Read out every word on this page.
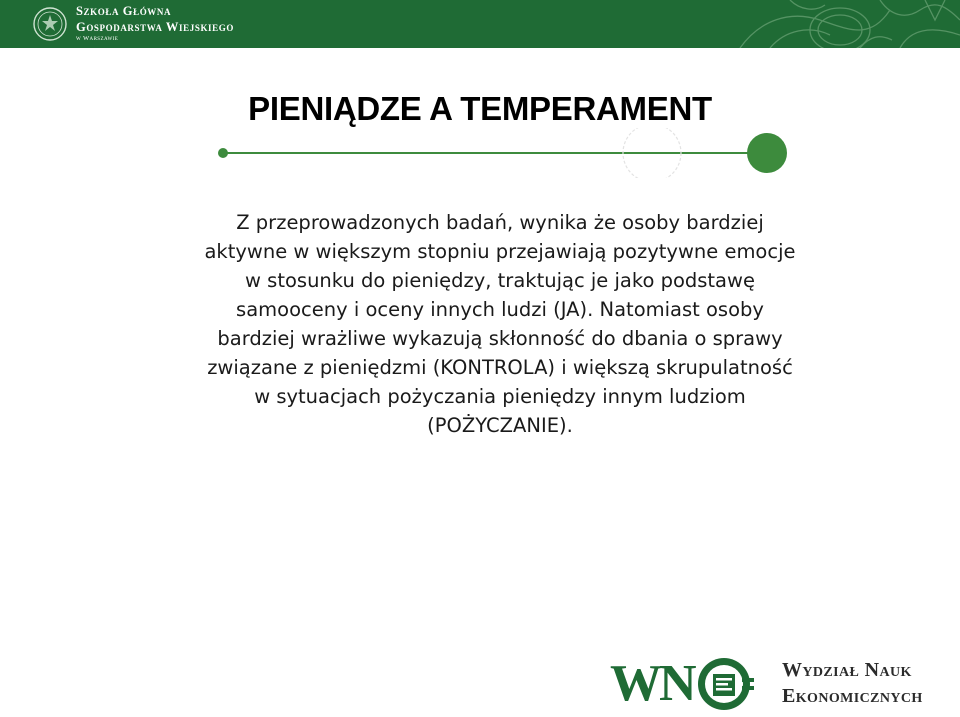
Szkoła Główna
Gospodarstwa Wiejskiego
w Warszawie
PIENIĄDZE A TEMPERAMENT

Z przeprowadzonych badań, wynika że osoby bardziej
aktywne w większym stopniu przejawiają pozytywne emocje
w stosunku do pieniędzy, traktując je jako podstawę
samooceny i oceny innych ludzi (JA). Natomiast osoby
bardziej wrażliwe wykazują skłonność do dbania o sprawy
związane z pieniędzmi (KONTROLA) i większą skrupulatność
w sytuacjach pożyczania pieniędzy innym ludziom
(POŻYCZANIE).

WN	Wydział Nauk
Ekonomicznych
